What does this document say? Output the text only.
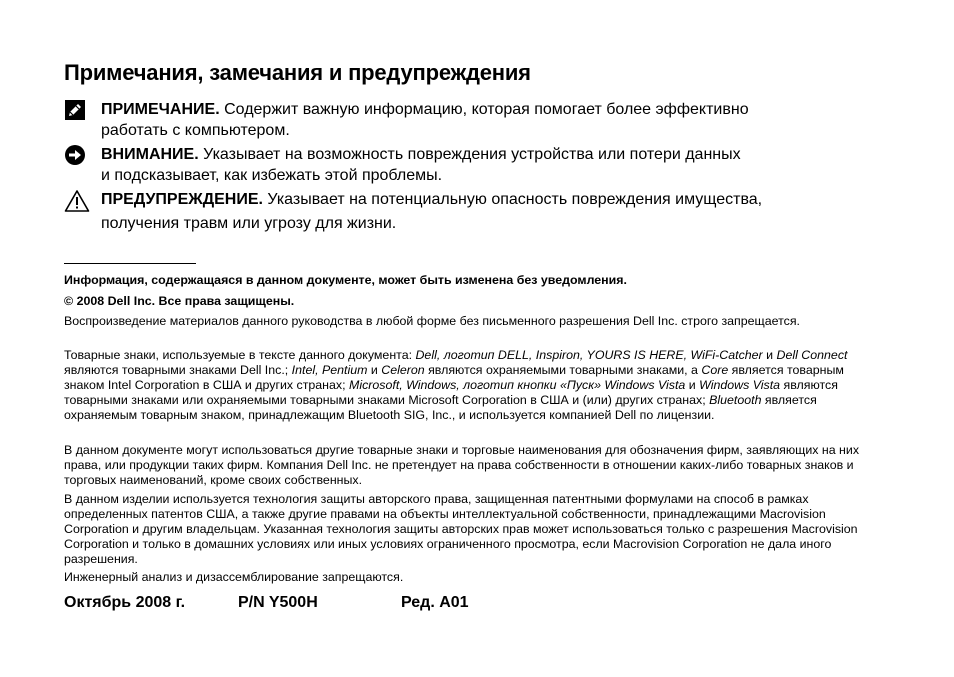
Примечания, замечания и предупреждения
ПРИМЕЧАНИЕ. Содержит важную информацию, которая помогает более эффективно
работать с компьютером.
ВНИМАНИЕ. Указывает на возможность повреждения устройства или потери данных
и подсказывает, как избежать этой проблемы.
ПРЕДУПРЕЖДЕНИЕ. Указывает на потенциальную опасность повреждения имущества,
получения травм или угрозу для жизни.
Информация, содержащаяся в данном документе, может быть изменена без уведомления.
© 2008 Dell Inc. Все права защищены.

Воспроизведение материалов данного руководства в любой форме без письменного разрешения Dell Inc. строго запрещается.

Товарные знаки, используемые в тексте данного документа: Dell, логотип DELL, Inspiron, YOURS IS HERE, WiFi-Catcher и Dell Connect являются товарными знаками Dell Inc.; Intel, Pentium и Celeron являются охраняемыми товарными знаками, а Core является товарным знаком Intel Corporation в США и других странах; Microsoft, Windows, логотип кнопки «Пуск» Windows Vista и Windows Vista являются товарными знаками или охраняемыми товарными знаками Microsoft Corporation в США и (или) других странах; Bluetooth является охраняемым товарным знаком, принадлежащим Bluetooth SIG, Inc., и используется компанией Dell по лицензии.

В данном документе могут использоваться другие товарные знаки и торговые наименования для обозначения фирм, заявляющих на них права, или продукции таких фирм. Компания Dell Inc. не претендует на права собственности в отношении каких-либо товарных знаков и торговых наименований, кроме своих собственных.

В данном изделии используется технология защиты авторского права, защищенная патентными формулами на способ в рамках определенных патентов США, а также другие правами на объекты интеллектуальной собственности, принадлежащими Macrovision Corporation и другим владельцам. Указанная технология защиты авторских прав может использоваться только с разрешения Macrovision Corporation и только в домашних условиях или иных условиях ограниченного просмотра, если Macrovision Corporation не дала иного разрешения.

Инженерный анализ и дизассемблирование запрещаются.

Октябрь 2008 г.	P/N Y500H	Ред. A01
